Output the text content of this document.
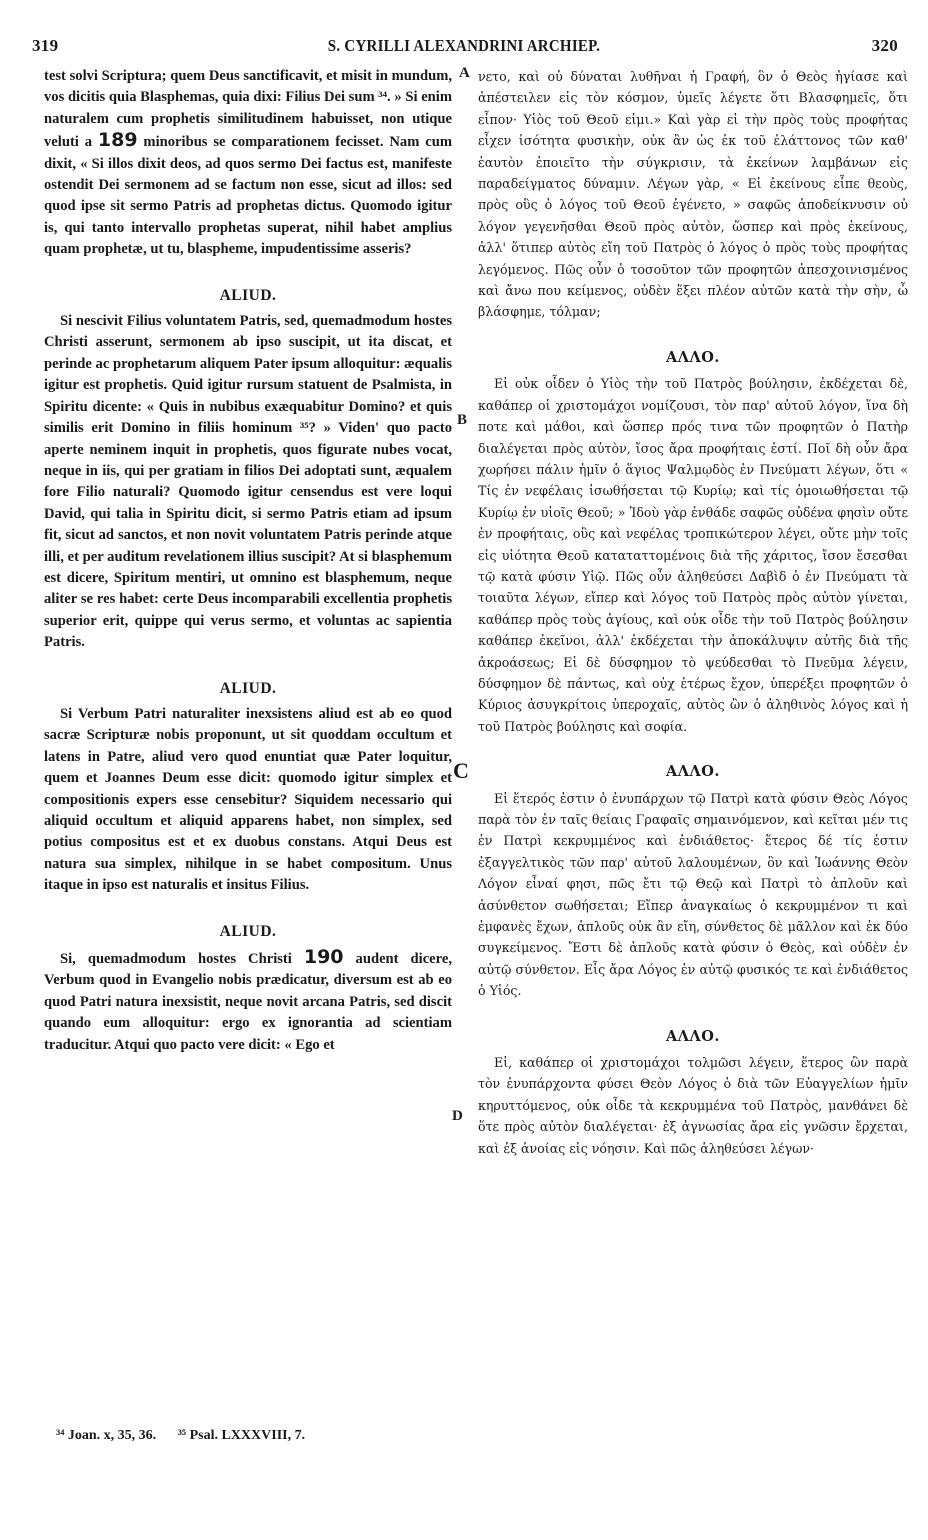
319	S. CYRILLI ALEXANDRINI ARCHIEP.	320
A
B
C
D

test solvi Scriptura; quem Deus sanctificavit, et misit in mundum, vos dicitis quia Blasphemas, quia dixi: Filius Dei sum ³⁴. » Si enim naturalem cum prophetis similitudinem habuisset, non utique veluti a 189 minoribus se comparationem fecisset. Nam cum dixit, « Si illos dixit deos, ad quos sermo Dei factus est, manifeste ostendit Dei sermonem ad se factum non esse, sicut ad illos: sed quod ipse sit sermo Patris ad prophetas dictus. Quomodo igitur is, qui tanto intervallo prophetas superat, nihil habet amplius quam prophetæ, ut tu, blaspheme, impudentissime asseris?

ALIUD.

Si nescivit Filius voluntatem Patris, sed, quemadmodum hostes Christi asserunt, sermonem ab ipso suscipit, ut ita discat, et perinde ac prophetarum aliquem Pater ipsum alloquitur: æqualis igitur est prophetis. Quid igitur rursum statuent de Psalmista, in Spiritu dicente: « Quis in nubibus exæquabitur Domino? et quis similis erit Domino in filiis hominum ³⁵? » Viden' quo pacto aperte neminem inquit in prophetis, quos figurate nubes vocat, neque in iis, qui per gratiam in filios Dei adoptati sunt, æqualem fore Filio naturali? Quomodo igitur censendus est vere loqui David, qui talia in Spiritu dicit, si sermo Patris etiam ad ipsum fit, sicut ad sanctos, et non novit voluntatem Patris perinde atque illi, et per auditum revelationem illius suscipit? At si blasphemum est dicere, Spiritum mentiri, ut omnino est blasphemum, neque aliter se res habet: certe Deus incomparabili excellentia prophetis superior erit, quippe qui verus sermo, et voluntas ac sapientia Patris.

ALIUD.

Si Verbum Patri naturaliter inexsistens aliud est ab eo quod sacræ Scripturæ nobis proponunt, ut sit quoddam occultum et latens in Patre, aliud vero quod enuntiat quæ Pater loquitur, quem et Joannes Deum esse dicit: quomodo igitur simplex et compositionis expers esse censebitur? Siquidem necessario qui aliquid occultum et aliquid apparens habet, non simplex, sed potius compositus est et ex duobus constans. Atqui Deus est natura sua simplex, nihilque in se habet compositum. Unus itaque in ipso est naturalis et insitus Filius.

ALIUD.

Si, quemadmodum hostes Christi 190 audent dicere, Verbum quod in Evangelio nobis prædicatur, diversum est ab eo quod Patri natura inexsistit, neque novit arcana Patris, sed discit quando eum alloquitur: ergo ex ignorantia ad scientiam traducitur. Atqui quo pacto vere dicit: « Ego et

νετο, καὶ οὐ δύναται λυθῆναι ἡ Γραφή, ὃν ὁ Θεὸς ἡγίασε καὶ ἀπέστειλεν εἰς τὸν κόσμον, ὑμεῖς λέγετε ὅτι Βλασφημεῖς, ὅτι εἶπον· Υἱὸς τοῦ Θεοῦ εἰμι.» Καὶ γὰρ εἰ τὴν πρὸς τοὺς προφήτας εἶχεν ἰσότητα φυσικὴν, οὐκ ἂν ὡς ἐκ τοῦ ἐλάττονος τῶν καθ' ἑαυτὸν ἐποιεῖτο τὴν σύγκρισιν, τὰ ἐκείνων λαμβάνων εἰς παραδείγματος δύναμιν. Λέγων γὰρ, « Εἰ ἐκείνους εἶπε θεοὺς, πρὸς οὓς ὁ λόγος τοῦ Θεοῦ ἐγένετο, » σαφῶς ἀποδείκνυσιν οὐ λόγον γεγενῆσθαι Θεοῦ πρὸς αὐτὸν, ὥσπερ καὶ πρὸς ἐκείνους, ἀλλ' ὅτιπερ αὐτὸς εἴη τοῦ Πατρὸς ὁ λόγος ὁ πρὸς τοὺς προφήτας λεγόμενος. Πῶς οὖν ὁ τοσοῦτον τῶν προφητῶν ἀπεσχοινισμένος καὶ ἄνω που κείμενος, οὐδὲν ἕξει πλέον αὐτῶν κατὰ τὴν σὴν, ὦ βλάσφημε, τόλμαν;

ΑΛΛΟ.

Εἰ οὐκ οἶδεν ὁ Υἱὸς τὴν τοῦ Πατρὸς βούλησιν, ἐκδέχεται δὲ, καθάπερ οἱ χριστομάχοι νομίζουσι, τὸν παρ' αὐτοῦ λόγον, ἵνα δὴ ποτε καὶ μάθοι, καὶ ὥσπερ πρός τινα τῶν προφητῶν ὁ Πατὴρ διαλέγεται πρὸς αὐτὸν, ἴσος ἄρα προφήταις ἐστί. Ποῖ δὴ οὖν ἄρα χωρήσει πάλιν ἡμῖν ὁ ἅγιος Ψαλμῳδὸς ἐν Πνεύματι λέγων, ὅτι « Τίς ἐν νεφέλαις ἰσωθήσεται τῷ Κυρίῳ; καὶ τίς ὁμοιωθήσεται τῷ Κυρίῳ ἐν υἱοῖς Θεοῦ; » Ἰδοὺ γὰρ ἐνθάδε σαφῶς οὐδένα φησὶν οὔτε ἐν προφήταις, οὓς καὶ νεφέλας τροπικώτερον λέγει, οὔτε μὴν τοῖς εἰς υἱότητα Θεοῦ καταταττομένοις διὰ τῆς χάριτος, ἴσον ἔσεσθαι τῷ κατὰ φύσιν Υἱῷ. Πῶς οὖν ἀληθεύσει Δαβὶδ ὁ ἐν Πνεύματι τὰ τοιαῦτα λέγων, εἴπερ καὶ λόγος τοῦ Πατρὸς πρὸς αὐτὸν γίνεται, καθάπερ πρὸς τοὺς ἁγίους, καὶ οὐκ οἶδε τὴν τοῦ Πατρὸς βούλησιν καθάπερ ἐκεῖνοι, ἀλλ' ἐκδέχεται τὴν ἀποκάλυψιν αὐτῆς διὰ τῆς ἀκροάσεως; Εἰ δὲ δύσφημον τὸ ψεύδεσθαι τὸ Πνεῦμα λέγειν, δύσφημον δὲ πάντως, καὶ οὐχ ἑτέρως ἔχον, ὑπερέξει προφητῶν ὁ Κύριος ἀσυγκρίτοις ὑπεροχαῖς, αὐτὸς ὢν ὁ ἀληθινὸς λόγος καὶ ἡ τοῦ Πατρὸς βούλησις καὶ σοφία.

ΑΛΛΟ.

Εἰ ἕτερός ἐστιν ὁ ἐνυπάρχων τῷ Πατρὶ κατὰ φύσιν Θεὸς Λόγος παρὰ τὸν ἐν ταῖς θείαις Γραφαῖς σημαινόμενον, καὶ κεῖται μέν τις ἐν Πατρὶ κεκρυμμένος καὶ ἐνδιάθετος· ἕτερος δέ τίς ἐστιν ἐξαγγελτικὸς τῶν παρ' αὐτοῦ λαλουμένων, ὃν καὶ Ἰωάννης Θεὸν Λόγον εἶναί φησι, πῶς ἔτι τῷ Θεῷ καὶ Πατρὶ τὸ ἁπλοῦν καὶ ἀσύνθετον σωθήσεται; Εἴπερ ἀναγκαίως ὁ κεκρυμμένον τι καὶ ἐμφανὲς ἔχων, ἁπλοῦς οὐκ ἂν εἴη, σύνθετος δὲ μᾶλλον καὶ ἐκ δύο συγκείμενος. Ἔστι δὲ ἁπλοῦς κατὰ φύσιν ὁ Θεὸς, καὶ οὐδὲν ἐν αὐτῷ σύνθετον. Εἷς ἄρα Λόγος ἐν αὐτῷ φυσικός τε καὶ ἐνδιάθετος ὁ Υἱός.

ΑΛΛΟ.

Εἰ, καθάπερ οἱ χριστομάχοι τολμῶσι λέγειν, ἕτερος ὢν παρὰ τὸν ἐνυπάρχοντα φύσει Θεὸν Λόγος ὁ διὰ τῶν Εὐαγγελίων ἡμῖν κηρυττόμενος, οὐκ οἶδε τὰ κεκρυμμένα τοῦ Πατρὸς, μανθάνει δὲ ὅτε πρὸς αὐτὸν διαλέγεται· ἐξ ἀγνωσίας ἄρα εἰς γνῶσιν ἔρχεται, καὶ ἐξ ἀνοίας εἰς νόησιν. Καὶ πῶς ἀληθεύσει λέγων·

³⁴ Joan. x, 35, 36. ³⁵ Psal. LXXXVIII, 7.
